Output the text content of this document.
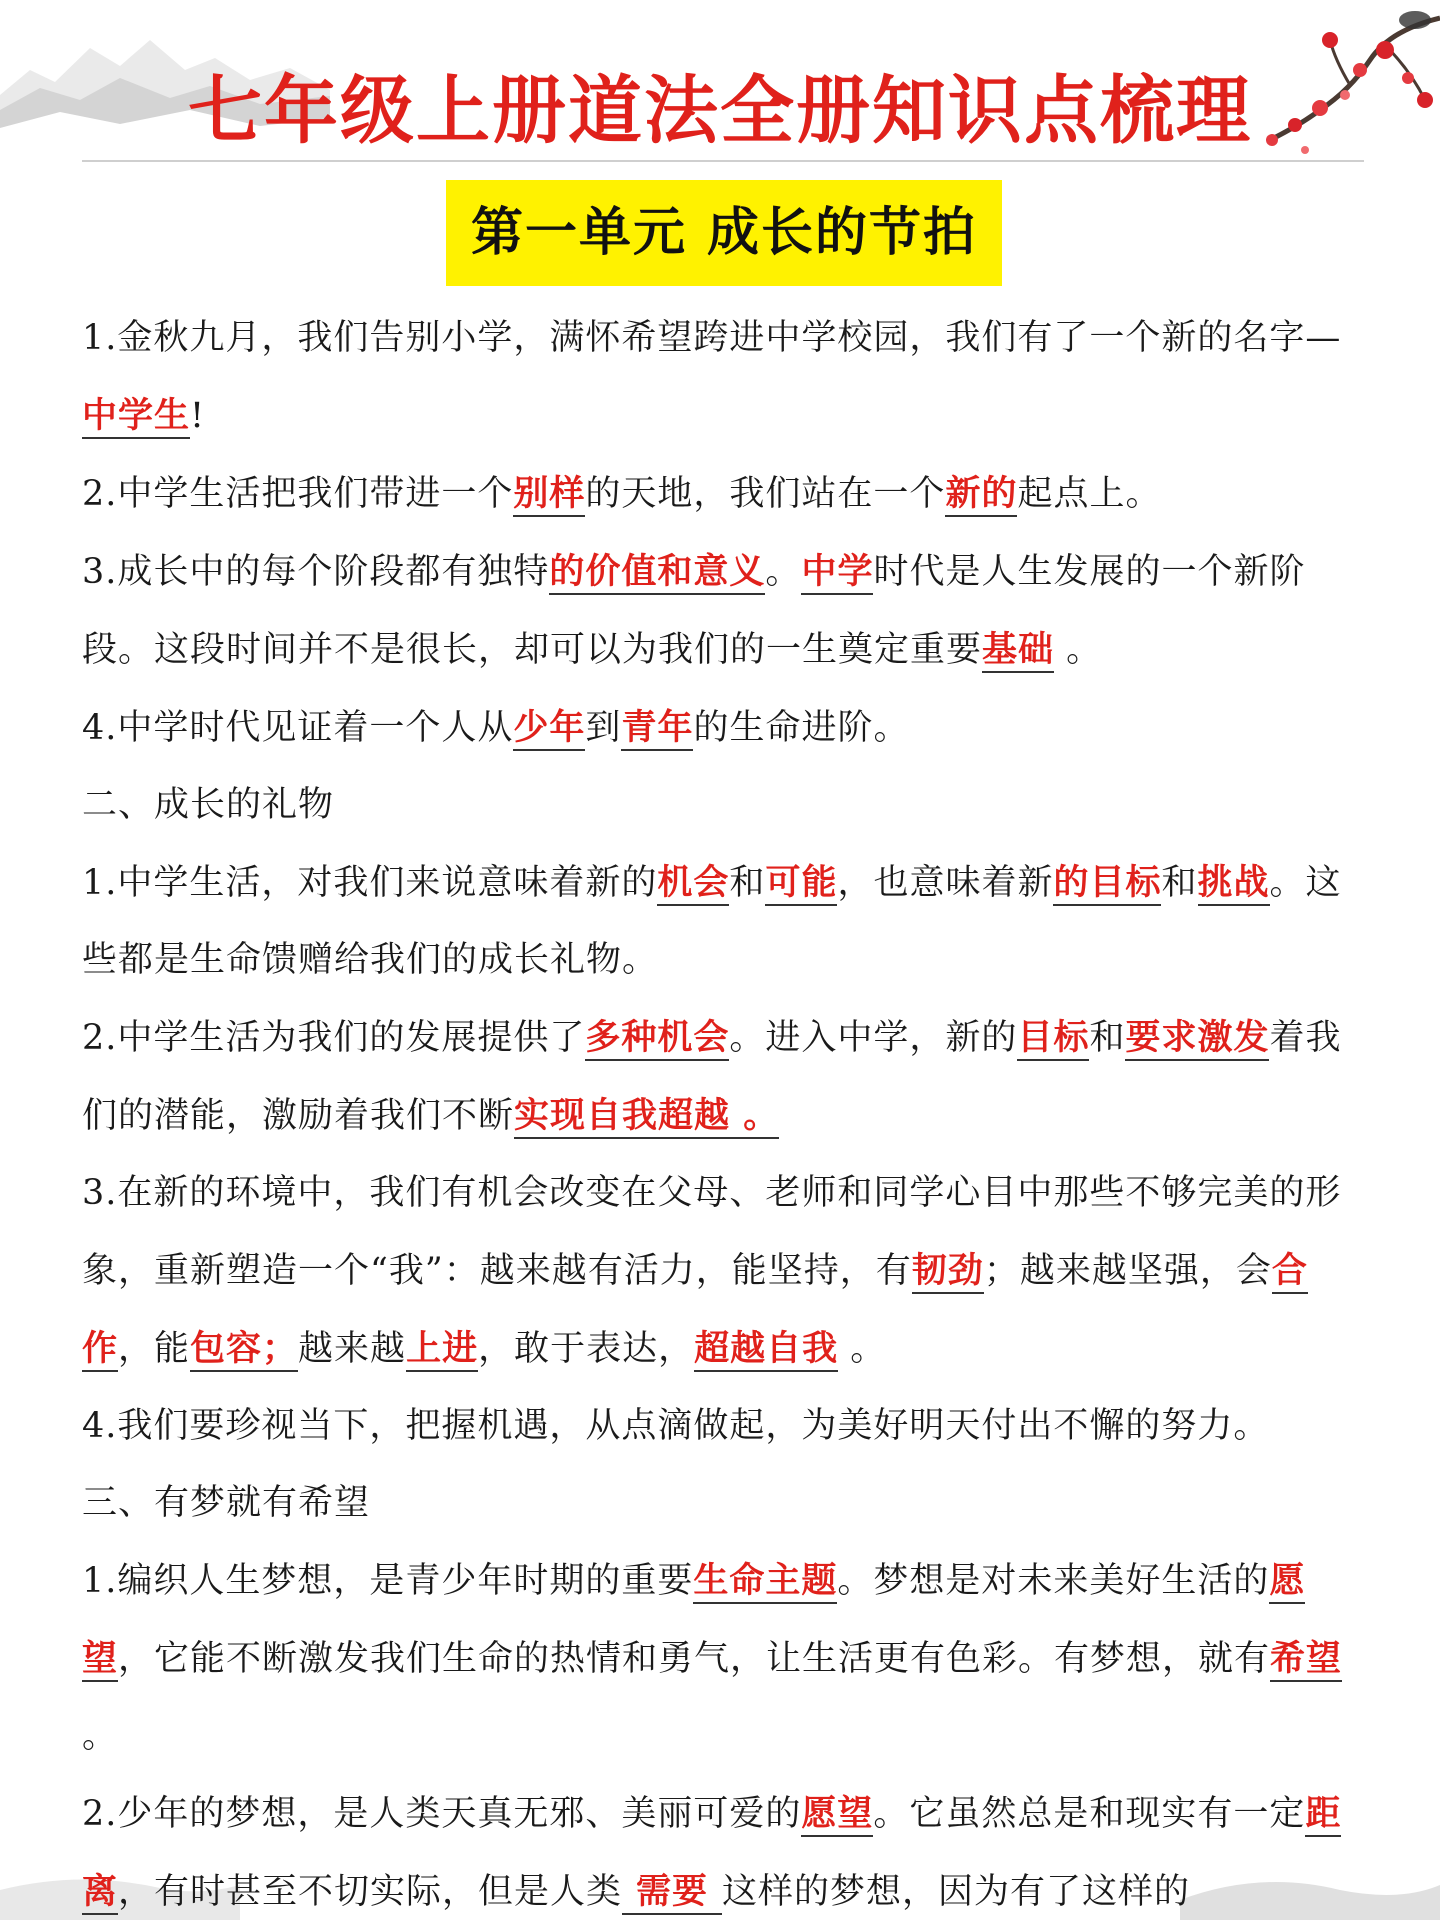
七年级上册道法全册知识点梳理
第一单元 成长的节拍

1.金秋九月，我们告别小学，满怀希望跨进中学校园，我们有了一个新的名字—中学生!

2.中学生活把我们带进一个别样的天地，我们站在一个新的起点上。

3.成长中的每个阶段都有独特的价值和意义。中学时代是人生发展的一个新阶段。这段时间并不是很长，却可以为我们的一生奠定重要基础 。

4.中学时代见证着一个人从少年到青年的生命进阶。

二、成长的礼物

1.中学生活，对我们来说意味着新的机会和可能，也意味着新的目标和挑战。这些都是生命馈赠给我们的成长礼物。

2.中学生活为我们的发展提供了多种机会。进入中学，新的目标和要求激发着我们的潜能，激励着我们不断实现自我超越 。

3.在新的环境中，我们有机会改变在父母、老师和同学心目中那些不够完美的形象，重新塑造一个“我”：越来越有活力，能坚持，有韧劲；越来越坚强，会合作，能包容；越来越上进，敢于表达，超越自我 。

4.我们要珍视当下，把握机遇，从点滴做起，为美好明天付出不懈的努力。

三、有梦就有希望

1.编织人生梦想，是青少年时期的重要生命主题。梦想是对未来美好生活的愿望，它能不断激发我们生命的热情和勇气，让生活更有色彩。有梦想，就有希望 。

2.少年的梦想，是人类天真无邪、美丽可爱的愿望。它虽然总是和现实有一定距离，有时甚至不切实际，但是人类 需要 这样的梦想，因为有了这样的
